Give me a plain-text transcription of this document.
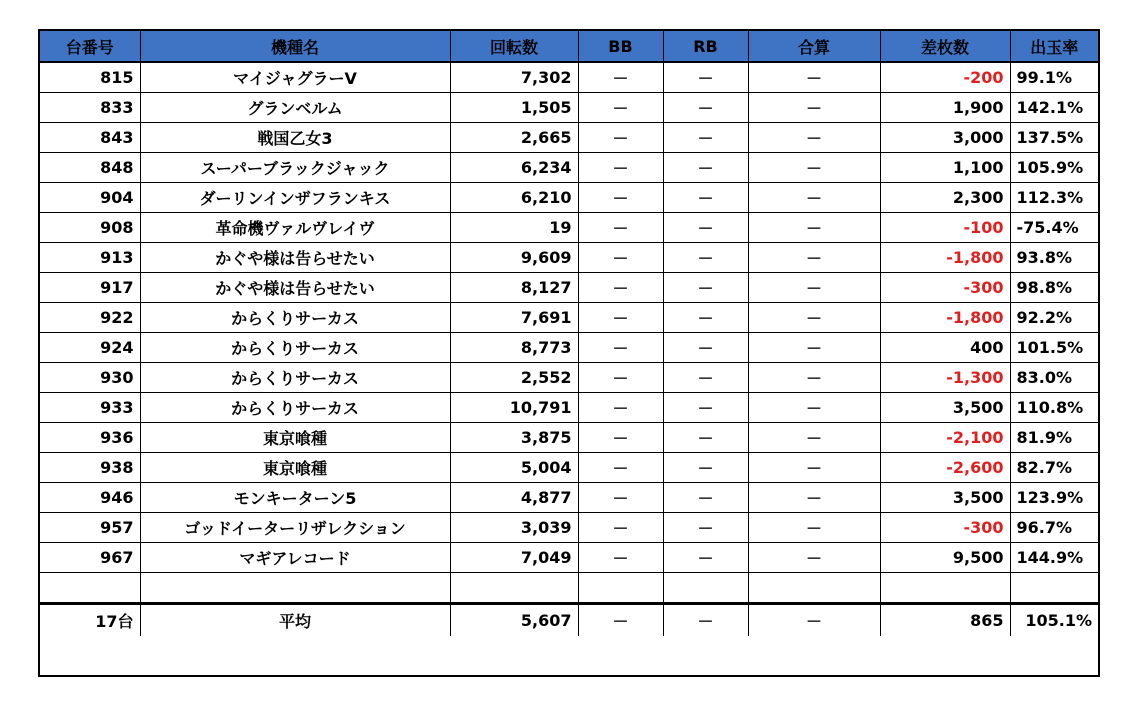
台番号	機種名	回転数	BB	RB	合算	差枚数	出玉率
815	マイジャグラーV	7,302	－	－	－	-200	99.1%
833	グランベルム	1,505	－	－	－	1,900	142.1%
843	戦国乙女3	2,665	－	－	－	3,000	137.5%
848	スーパーブラックジャック	6,234	－	－	－	1,100	105.9%
904	ダーリンインザフランキス	6,210	－	－	－	2,300	112.3%
908	革命機ヴァルヴレイヴ	19	－	－	－	-100	-75.4%
913	かぐや様は告らせたい	9,609	－	－	－	-1,800	93.8%
917	かぐや様は告らせたい	8,127	－	－	－	-300	98.8%
922	からくりサーカス	7,691	－	－	－	-1,800	92.2%
924	からくりサーカス	8,773	－	－	－	400	101.5%
930	からくりサーカス	2,552	－	－	－	-1,300	83.0%
933	からくりサーカス	10,791	－	－	－	3,500	110.8%
936	東京喰種	3,875	－	－	－	-2,100	81.9%
938	東京喰種	5,004	－	－	－	-2,600	82.7%
946	モンキーターン5	4,877	－	－	－	3,500	123.9%
957	ゴッドイーターリザレクション	3,039	－	－	－	-300	96.7%
967	マギアレコード	7,049	－	－	－	9,500	144.9%

17台	平均	5,607	－	－	－	865	105.1%
